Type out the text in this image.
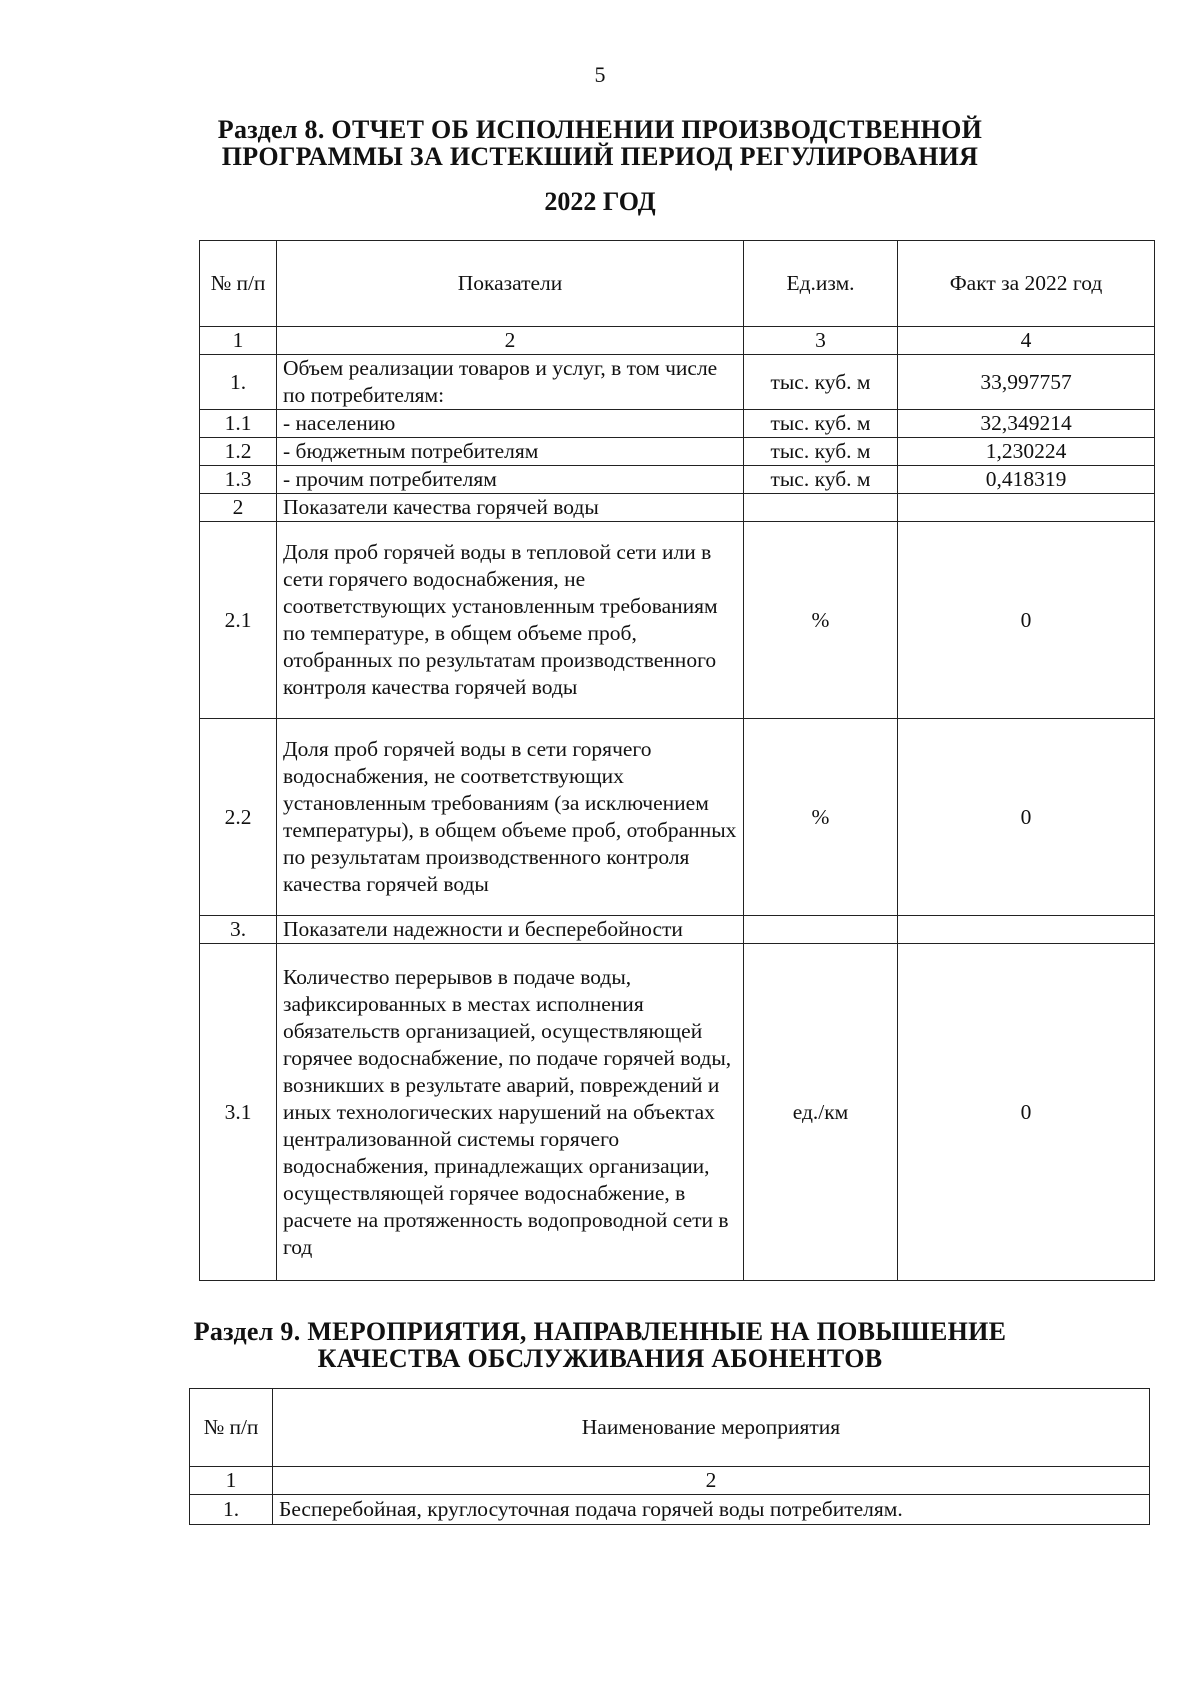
5
Раздел 8. ОТЧЕТ ОБ ИСПОЛНЕНИИ ПРОИЗВОДСТВЕННОЙ
ПРОГРАММЫ ЗА ИСТЕКШИЙ ПЕРИОД РЕГУЛИРОВАНИЯ
2022 ГОД
№ п/п	Показатели	Ед.изм.	Факт за 2022 год
1	2	3	4
1.	Объем реализации товаров и услуг, в том числе по потребителям:	тыс. куб. м	33,997757
1.1	- населению	тыс. куб. м	32,349214
1.2	- бюджетным потребителям	тыс. куб. м	1,230224
1.3	- прочим потребителям	тыс. куб. м	0,418319
2	Показатели качества горячей воды		
2.1	Доля проб горячей воды в тепловой сети или в сети горячего водоснабжения, не соответствующих установленным требованиям по температуре, в общем объеме проб, отобранных по результатам производственного контроля качества горячей воды	%	0
2.2	Доля проб горячей воды в сети горячего водоснабжения, не соответствующих установленным требованиям (за исключением температуры), в общем объеме проб, отобранных по результатам производственного контроля качества горячей воды	%	0
3.	Показатели надежности и бесперебойности		
3.1	Количество перерывов в подаче воды, зафиксированных в местах исполнения обязательств организацией, осуществляющей горячее водоснабжение, по подаче горячей воды, возникших в результате аварий, повреждений и иных технологических нарушений на объектах централизованной системы горячего водоснабжения, принадлежащих организации, осуществляющей горячее водоснабжение, в расчете на протяженность водопроводной сети в год	ед./км	0
Раздел 9. МЕРОПРИЯТИЯ, НАПРАВЛЕННЫЕ НА ПОВЫШЕНИЕ
КАЧЕСТВА ОБСЛУЖИВАНИЯ АБОНЕНТОВ
№ п/п	Наименование мероприятия
1	2
1.	Бесперебойная, круглосуточная подача горячей воды потребителям.
